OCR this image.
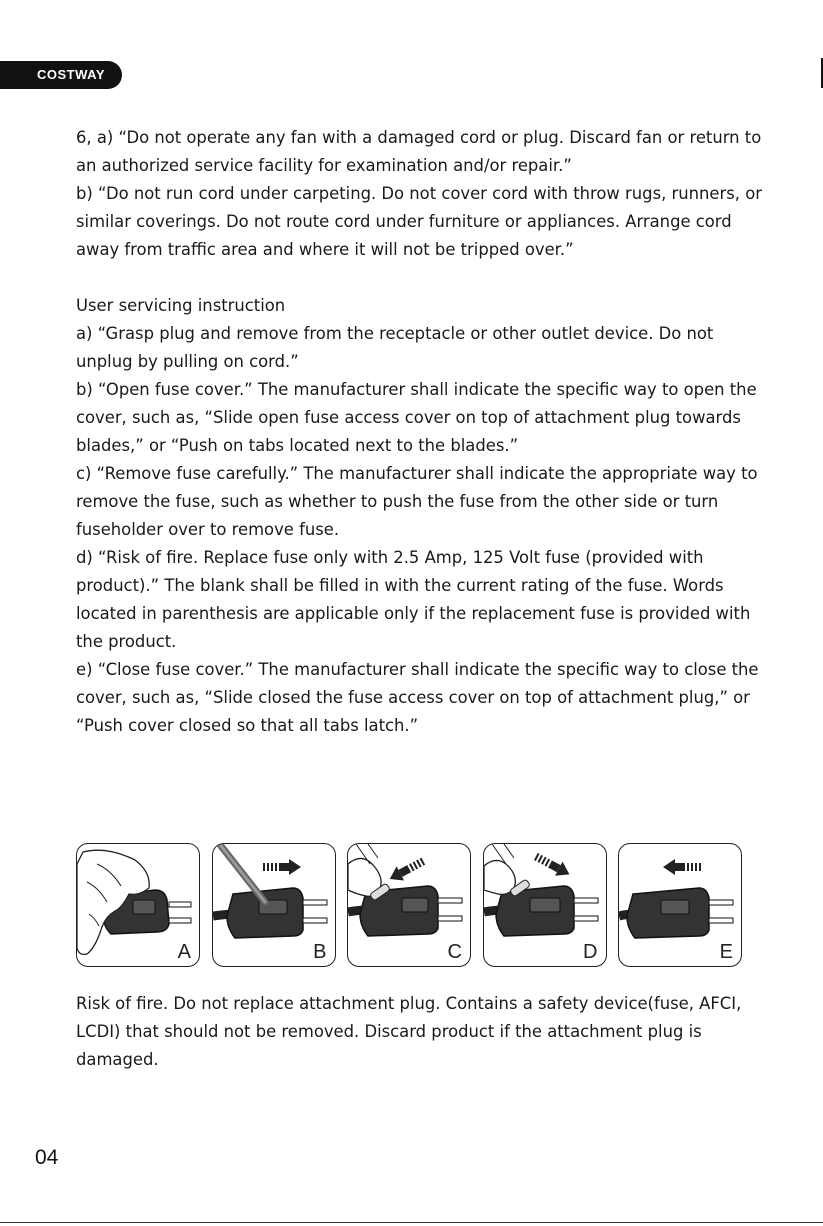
COSTWAY

6, a) “Do not operate any fan with a damaged cord or plug. Discard fan or return to an authorized service facility for examination and/or repair.”

b) “Do not run cord under carpeting. Do not cover cord with throw rugs, runners, or similar coverings. Do not route cord under furniture or appliances. Arrange cord away from traffic area and where it will not be tripped over.”

User servicing instruction

a) “Grasp plug and remove from the receptacle or other outlet device. Do not unplug by pulling on cord.”

b) “Open fuse cover.” The manufacturer shall indicate the specific way to open the cover, such as, “Slide open fuse access cover on top of attachment plug towards blades,” or “Push on tabs located next to the blades.”

c) “Remove fuse carefully.” The manufacturer shall indicate the appropriate way to remove the fuse, such as whether to push the fuse from the other side or turn fuseholder over to remove fuse.

d) “Risk of fire. Replace fuse only with 2.5 Amp, 125 Volt fuse (provided with product).” The blank shall be filled in with the current rating of the fuse. Words located in parenthesis are applicable only if the replacement fuse is provided with the product.

e) “Close fuse cover.” The manufacturer shall indicate the specific way to close the cover, such as, “Slide closed the fuse access cover on top of attachment plug,” or “Push cover closed so that all tabs latch.”

A	B	C	D	E

Risk of fire. Do not replace attachment plug. Contains a safety device(fuse, AFCI, LCDI) that should not be removed. Discard product if the attachment plug is damaged.

04
